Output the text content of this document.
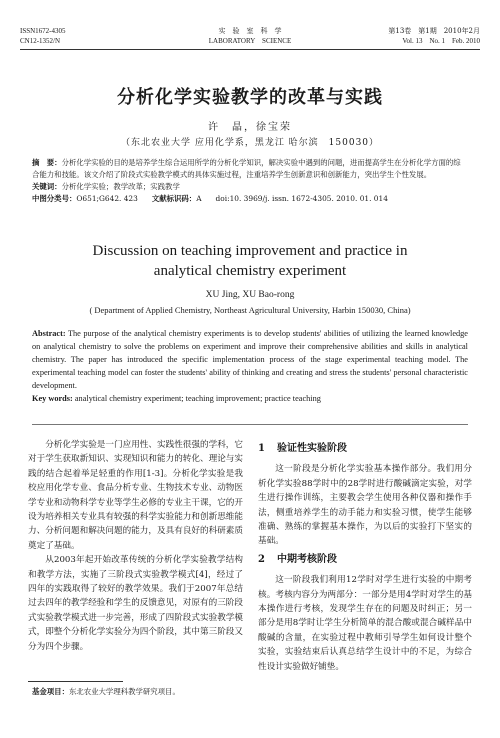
ISSN1672-4305
CN12-1352/N
实　验　室　科　学
LABORATORY　SCIENCE
第13卷　第1期　2010年2月
Vol. 13　No. 1　Feb. 2010
分析化学实验教学的改革与实践
许　晶，徐宝荣
（东北农业大学 应用化学系，黑龙江 哈尔滨　150030）
摘　要：分析化学实验的目的是培养学生综合运用所学的分析化学知识，解决实验中遇到的问题，进而提高学生在分析化学方面的综合能力和技能。该文介绍了阶段式实验教学模式的具体实施过程，注重培养学生创新意识和创新能力，突出学生个性发展。
关键词：分析化学实验；教学改革；实践教学
中图分类号：O651;G642. 423 文献标识码：A doi:10. 3969/j. issn. 1672-4305. 2010. 01. 014
Discussion on teaching improvement and practice in
analytical chemistry experiment
XU Jing, XU Bao-rong
( Department of Applied Chemistry, Northeast Agricultural University, Harbin 150030, China)
Abstract: The purpose of the analytical chemistry experiments is to develop students' abilities of utilizing the learned knowledge on analytical chemistry to solve the problems on experiment and improve their comprehensive abilities and skills in analytical chemistry. The paper has introduced the specific implementation process of the stage experimental teaching model. The experimental teaching model can foster the students' ability of thinking and creating and stress the students' personal characteristic development.
Key words: analytical chemistry experiment; teaching improvement; practice teaching

分析化学实验是一门应用性、实践性很强的学科，它对于学生获取新知识、实现知识和能力的转化、理论与实践的结合起着举足轻重的作用[1-3]。分析化学实验是我校应用化学专业、食品分析专业、生物技术专业、动物医学专业和动物科学专业等学生必修的专业主干课，它的开设为培养相关专业具有较强的科学实验能力和创新思维能力、分析问题和解决问题的能力，及具有良好的科研素质奠定了基础。

从2003年起开始改革传统的分析化学实验教学结构和教学方法，实施了三阶段式实验教学模式[4]，经过了四年的实践取得了较好的教学效果。我们于2007年总结过去四年的教学经验和学生的反馈意见，对原有的三阶段式实验教学模式进一步完善，形成了四阶段式实验教学模式，即整个分析化学实验分为四个阶段，其中第三阶段又分为四个步骤。

1 验证性实验阶段

这一阶段是分析化学实验基本操作部分。我们用分析化学实验88学时中的28学时进行酸碱滴定实验，对学生进行操作训练，主要教会学生使用各种仪器和操作手法，侧重培养学生的动手能力和实验习惯，使学生能够准确、熟练的掌握基本操作，为以后的实验打下坚实的基础。

2 中期考核阶段

这一阶段我们利用12学时对学生进行实验的中期考核。考核内容分为两部分：一部分是用4学时对学生的基本操作进行考核，发现学生存在的问题及时纠正；另一部分是用8学时让学生分析简单的混合酸或混合碱样品中酸碱的含量，在实验过程中教师引导学生如何设计整个实验，实验结束后认真总结学生设计中的不足，为综合性设计实验做好铺垫。

基金项目：东北农业大学理科教学研究项目。
